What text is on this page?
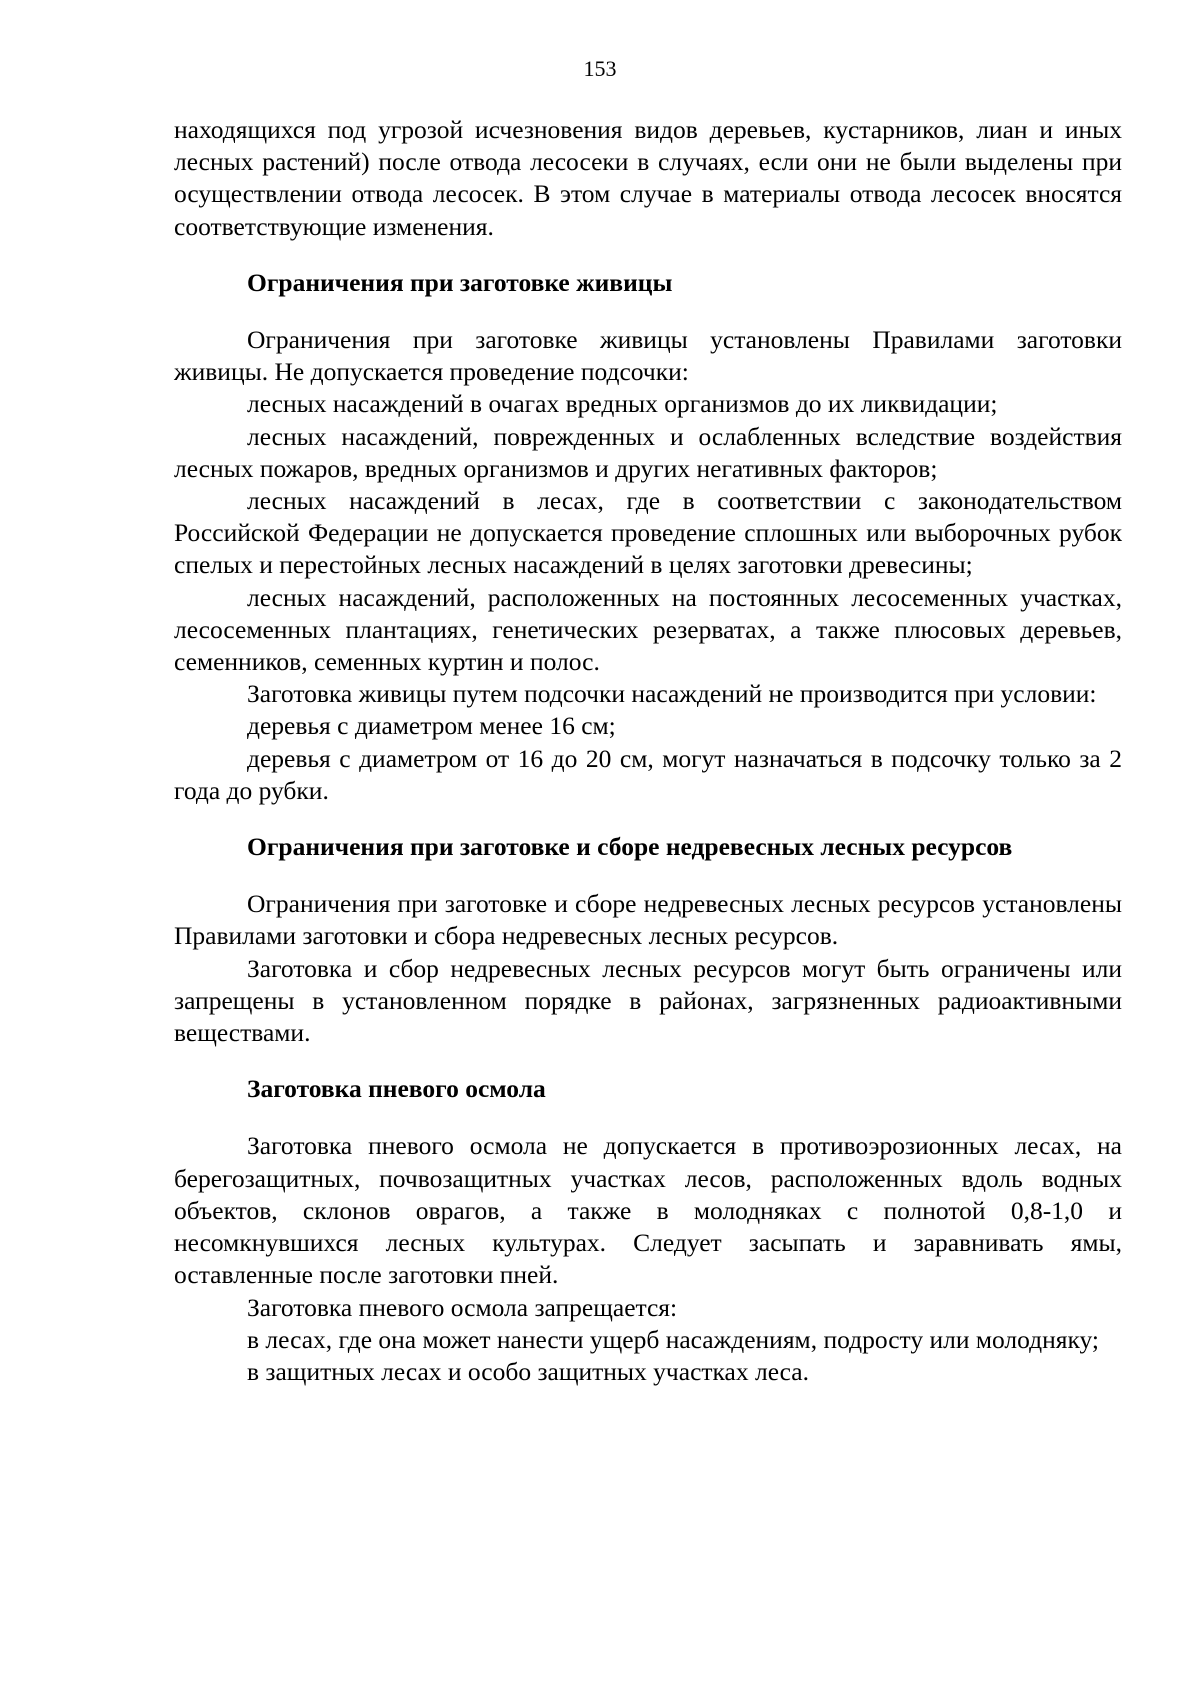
153

находящихся под угрозой исчезновения видов деревьев, кустарников, лиан и иных лесных растений) после отвода лесосеки в случаях, если они не были выделены при осуществлении отвода лесосек. В этом случае в материалы отвода лесосек вносятся соответствующие изменения.

Ограничения при заготовке живицы

Ограничения при заготовке живицы установлены Правилами заготовки живицы. Не допускается проведение подсочки:

лесных насаждений в очагах вредных организмов до их ликвидации;

лесных насаждений, поврежденных и ослабленных вследствие воздействия лесных пожаров, вредных организмов и других негативных факторов;

лесных насаждений в лесах, где в соответствии с законодательством Российской Федерации не допускается проведение сплошных или выборочных рубок спелых и перестойных лесных насаждений в целях заготовки древесины;

лесных насаждений, расположенных на постоянных лесосеменных участках, лесосеменных плантациях, генетических резерватах, а также плюсовых деревьев, семенников, семенных куртин и полос.

Заготовка живицы путем подсочки насаждений не производится при условии:

деревья с диаметром менее 16 см;

деревья с диаметром от 16 до 20 см, могут назначаться в подсочку только за 2 года до рубки.

Ограничения при заготовке и сборе недревесных лесных ресурсов

Ограничения при заготовке и сборе недревесных лесных ресурсов установлены Правилами заготовки и сбора недревесных лесных ресурсов.

Заготовка и сбор недревесных лесных ресурсов могут быть ограничены или запрещены в установленном порядке в районах, загрязненных радиоактивными веществами.

Заготовка пневого осмола

Заготовка пневого осмола не допускается в противоэрозионных лесах, на берегозащитных, почвозащитных участках лесов, расположенных вдоль водных объектов, склонов оврагов, а также в молодняках с полнотой 0,8-1,0 и несомкнувшихся лесных культурах. Следует засыпать и заравнивать ямы, оставленные после заготовки пней.

Заготовка пневого осмола запрещается:

в лесах, где она может нанести ущерб насаждениям, подросту или молодняку;

в защитных лесах и особо защитных участках леса.
